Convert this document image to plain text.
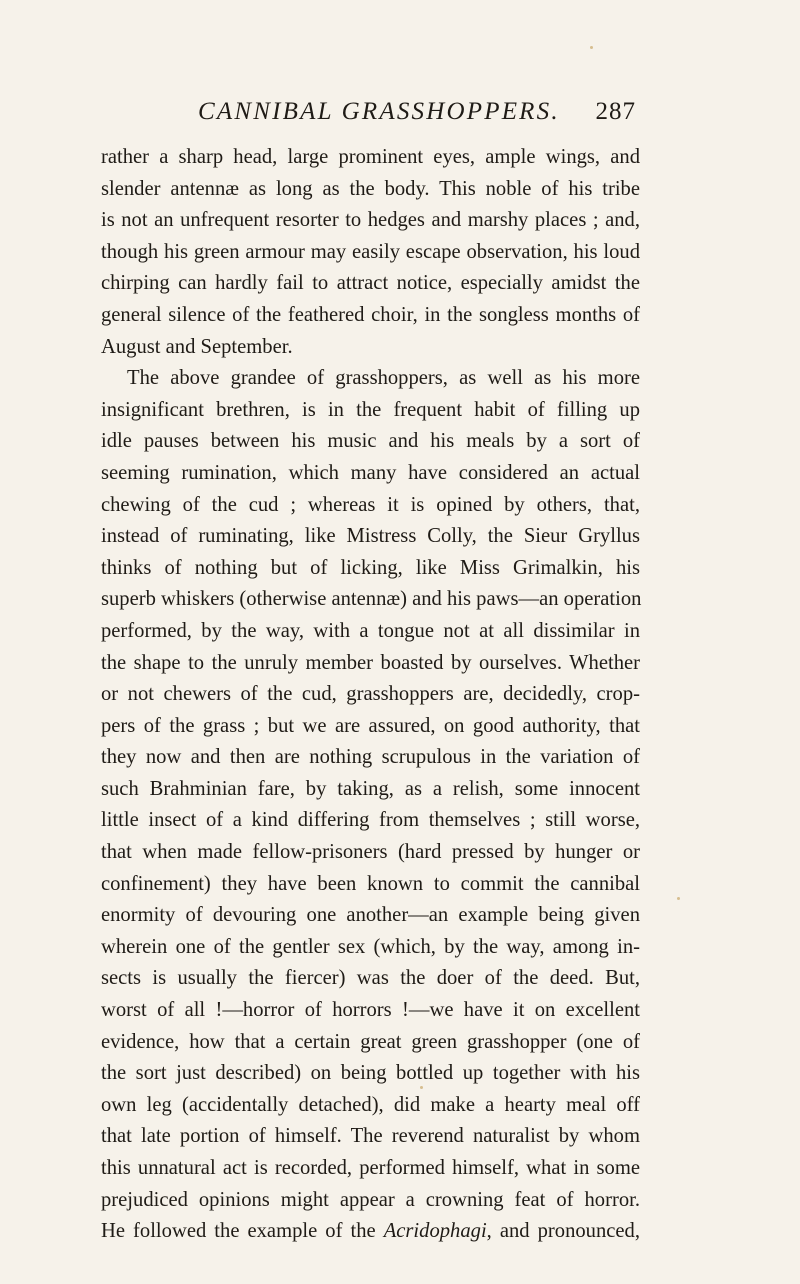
CANNIBAL GRASSHOPPERS. 287
rather a sharp head, large prominent eyes, ample wings, and
slender antennæ as long as the body. This noble of his tribe
is not an unfrequent resorter to hedges and marshy places ; and,
though his green armour may easily escape observation, his loud
chirping can hardly fail to attract notice, especially amidst the
general silence of the feathered choir, in the songless months of
August and September.
The above grandee of grasshoppers, as well as his more
insignificant brethren, is in the frequent habit of filling up
idle pauses between his music and his meals by a sort of
seeming rumination, which many have considered an actual
chewing of the cud ; whereas it is opined by others, that,
instead of ruminating, like Mistress Colly, the Sieur Gryllus
thinks of nothing but of licking, like Miss Grimalkin, his
superb whiskers (otherwise antennæ) and his paws—an operation
performed, by the way, with a tongue not at all dissimilar in
the shape to the unruly member boasted by ourselves. Whether
or not chewers of the cud, grasshoppers are, decidedly, crop-
pers of the grass ; but we are assured, on good authority, that
they now and then are nothing scrupulous in the variation of
such Brahminian fare, by taking, as a relish, some innocent
little insect of a kind differing from themselves ; still worse,
that when made fellow-prisoners (hard pressed by hunger or
confinement) they have been known to commit the cannibal
enormity of devouring one another—an example being given
wherein one of the gentler sex (which, by the way, among in-
sects is usually the fiercer) was the doer of the deed. But,
worst of all !—horror of horrors !—we have it on excellent
evidence, how that a certain great green grasshopper (one of
the sort just described) on being bottled up together with his
own leg (accidentally detached), did make a hearty meal off
that late portion of himself. The reverend naturalist by whom
this unnatural act is recorded, performed himself, what in some
prejudiced opinions might appear a crowning feat of horror.
He followed the example of the Acridophagi, and pronounced,
